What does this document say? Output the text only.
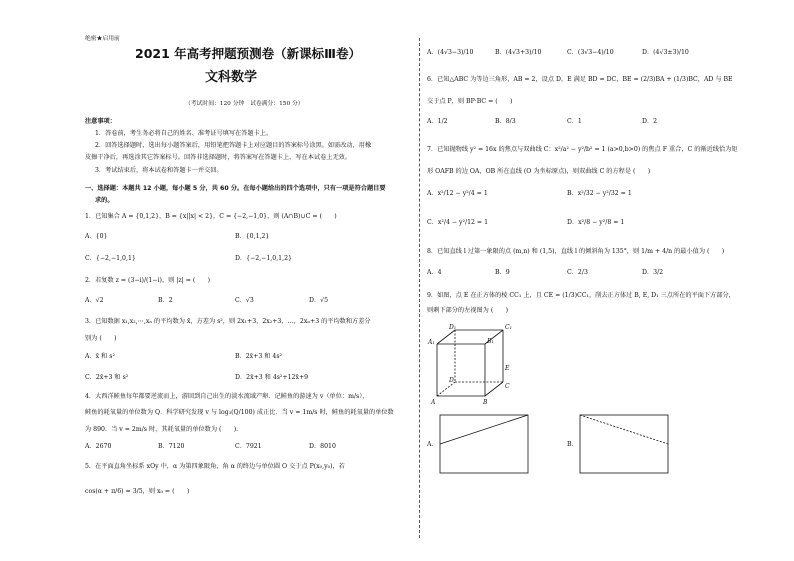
绝密★启用前
2021 年高考押题预测卷（新课标Ⅲ卷）
文科数学
（考试时间：120 分钟　试卷满分：150 分）
注意事项：
1．答卷前，考生务必将自己的姓名、准考证号填写在答题卡上。
2．回答选择题时，选出每小题答案后，用铅笔把答题卡上对应题目的答案标号涂黑。如需改动，用橡
皮擦干净后，再选涂其它答案标号。回答非选择题时，将答案写在答题卡上，写在本试卷上无效。
3．考试结束后，将本试卷和答题卡一并交回。
一、选择题：本题共 12 小题，每小题 5 分，共 60 分。在每小题给出的四个选项中，只有一项是符合题目要
求的。
1．已知集合 A = {0,1,2}，B = {x||x| < 2}，C = {−2,−1,0}，则 (A∩B)∪C = (　　)
A．{0}	B．{0,1,2}
C．{−2,−1,0,1}	D．{−2,−1,0,1,2}
2．若复数 z = (3−i)/(1−i)，则 |z| = (　　)
A．√2	B．2	C．√3	D．√5
3．已知数据 x₁,x₂,⋯,xₙ 的平均数为 x̄，方差为 s²，则 2x₁+3，2x₂+3，…，2xₙ+3 的平均数和方差分
别为 (　　)
A．x̄ 和 s²	B．2x̄+3 和 4s²
C．2x̄+3 和 s²	D．2x̄+3 和 4s²+12x̄+9
4．大西洋鲑鱼每年都要逆流而上，游回到自己出生的淡水流域产卵．记鲑鱼的游速为 v（单位：m/s），
鲑鱼的耗氧量的单位数为 Q．科学研究发现 v 与 log₃(Q/100) 成正比．当 v = 1m/s 时，鲑鱼的耗氧量的单位数
为 890．当 v = 2m/s 时，其耗氧量的单位数为 (　　).
A．2670	B．7120	C．7921	D．8010
5．在平面直角坐标系 xOy 中，α 为第四象限角，角 α 的终边与单位圆 O 交于点 P(x₀,y₀)，若
cos(α + π/6) = 3/5，则 x₀ = (　　)
A．(4√3−3)/10	B．(4√3+3)/10	C．(3√3−4)/10	D．(4√3±3)/10
6．已知△ABC 为等边三角形，AB = 2，设点 D，E 满足 BD = DC，BE = (2/3)BA + (1/3)BC，AD 与 BE
交于点 P，则 BP·BC = (　　)
A．1/2	B．8/3	C．1	D．2
7．已知抛物线 y² = 16x 的焦点与双曲线 C：x²/a² − y²/b² = 1 (a>0,b>0) 的焦点 F 重合，C 的渐近线恰为矩
形 OAFB 的边 OA，OB 所在直线 (O 为坐标原点)，则双曲线 C 的方程是 (　　)
A．x²/12 − y²/4 = 1	B．x²/32 − y²/32 = 1
C．x²/4 − y²/12 = 1	D．x²/8 − y²/8 = 1
8．已知直线 l 过第一象限的点 (m,n) 和 (1,5)，直线 l 的倾斜角为 135°，则 1/m + 4/n 的最小值为 (　　)
A．4	B．9	C．2/3	D．3/2
9．如图，点 E 在正方体的棱 CC₁ 上，且 CE = (1/3)CC₁，削去正方体过 B, E, D₁ 三点所在的平面下方部分，
则剩下部分的左视图为 (　　)
D₁	C₁
A₁	B₁
E
D
C
A	B
A．	B．
